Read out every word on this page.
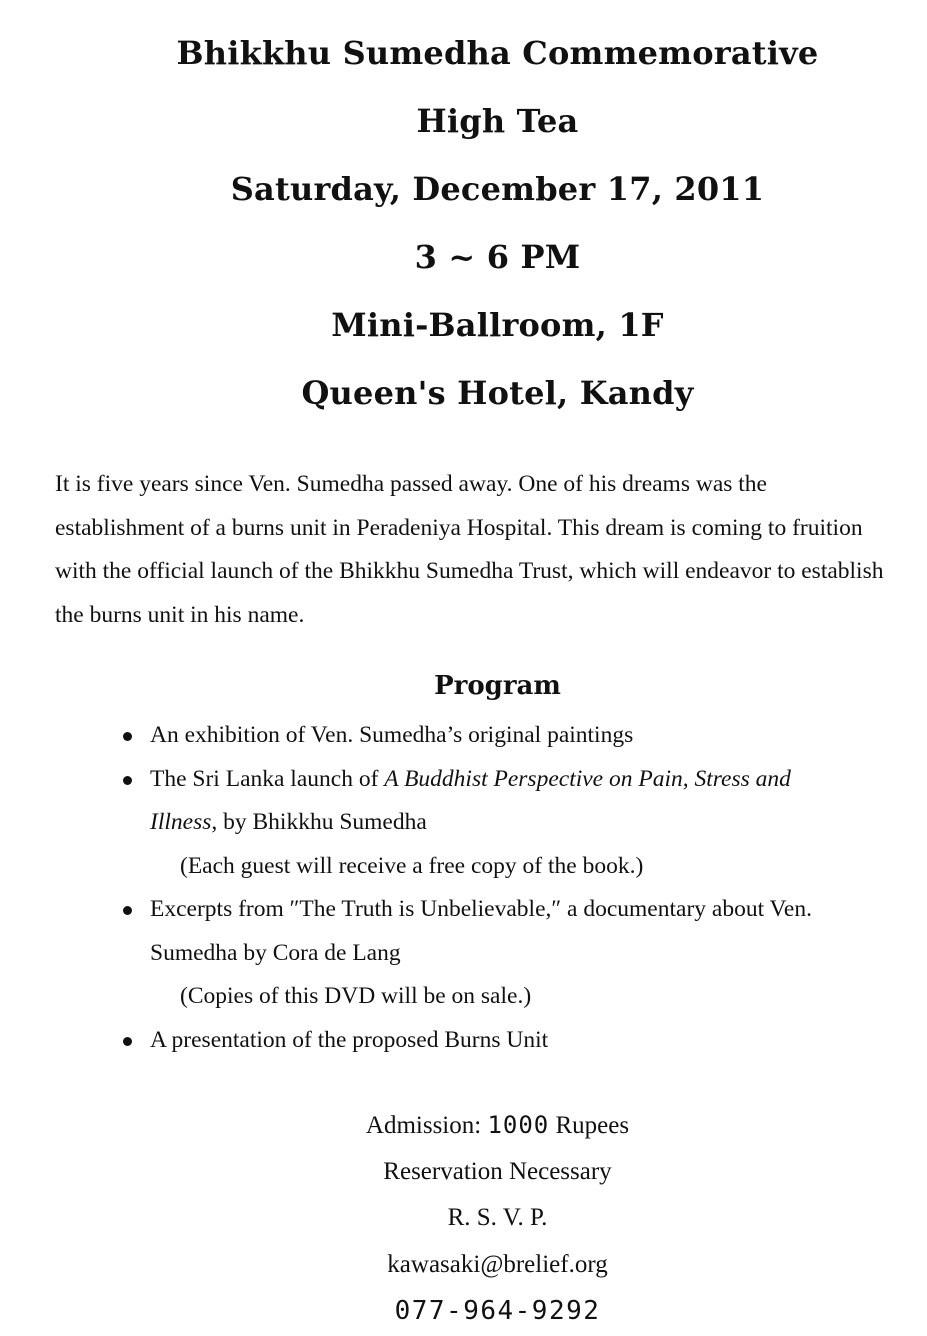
Bhikkhu Sumedha Commemorative
High Tea
Saturday, December 17, 2011
3 ~ 6 PM
Mini-Ballroom, 1F
Queen's Hotel, Kandy

It is five years since Ven. Sumedha passed away. One of his dreams was the establishment of a burns unit in Peradeniya Hospital. This dream is coming to fruition with the official launch of the Bhikkhu Sumedha Trust, which will endeavor to establish the burns unit in his name.

Program
An exhibition of Ven. Sumedha’s original paintings
The Sri Lanka launch of A Buddhist Perspective on Pain, Stress and Illness, by Bhikkhu Sumedha
(Each guest will receive a free copy of the book.)
Excerpts from ″The Truth is Unbelievable,″ a documentary about Ven. Sumedha by Cora de Lang
(Copies of this DVD will be on sale.)
A presentation of the proposed Burns Unit
Admission: 1000 Rupees
Reservation Necessary
R. S. V. P.
kawasaki@brelief.org
077-964-9292
